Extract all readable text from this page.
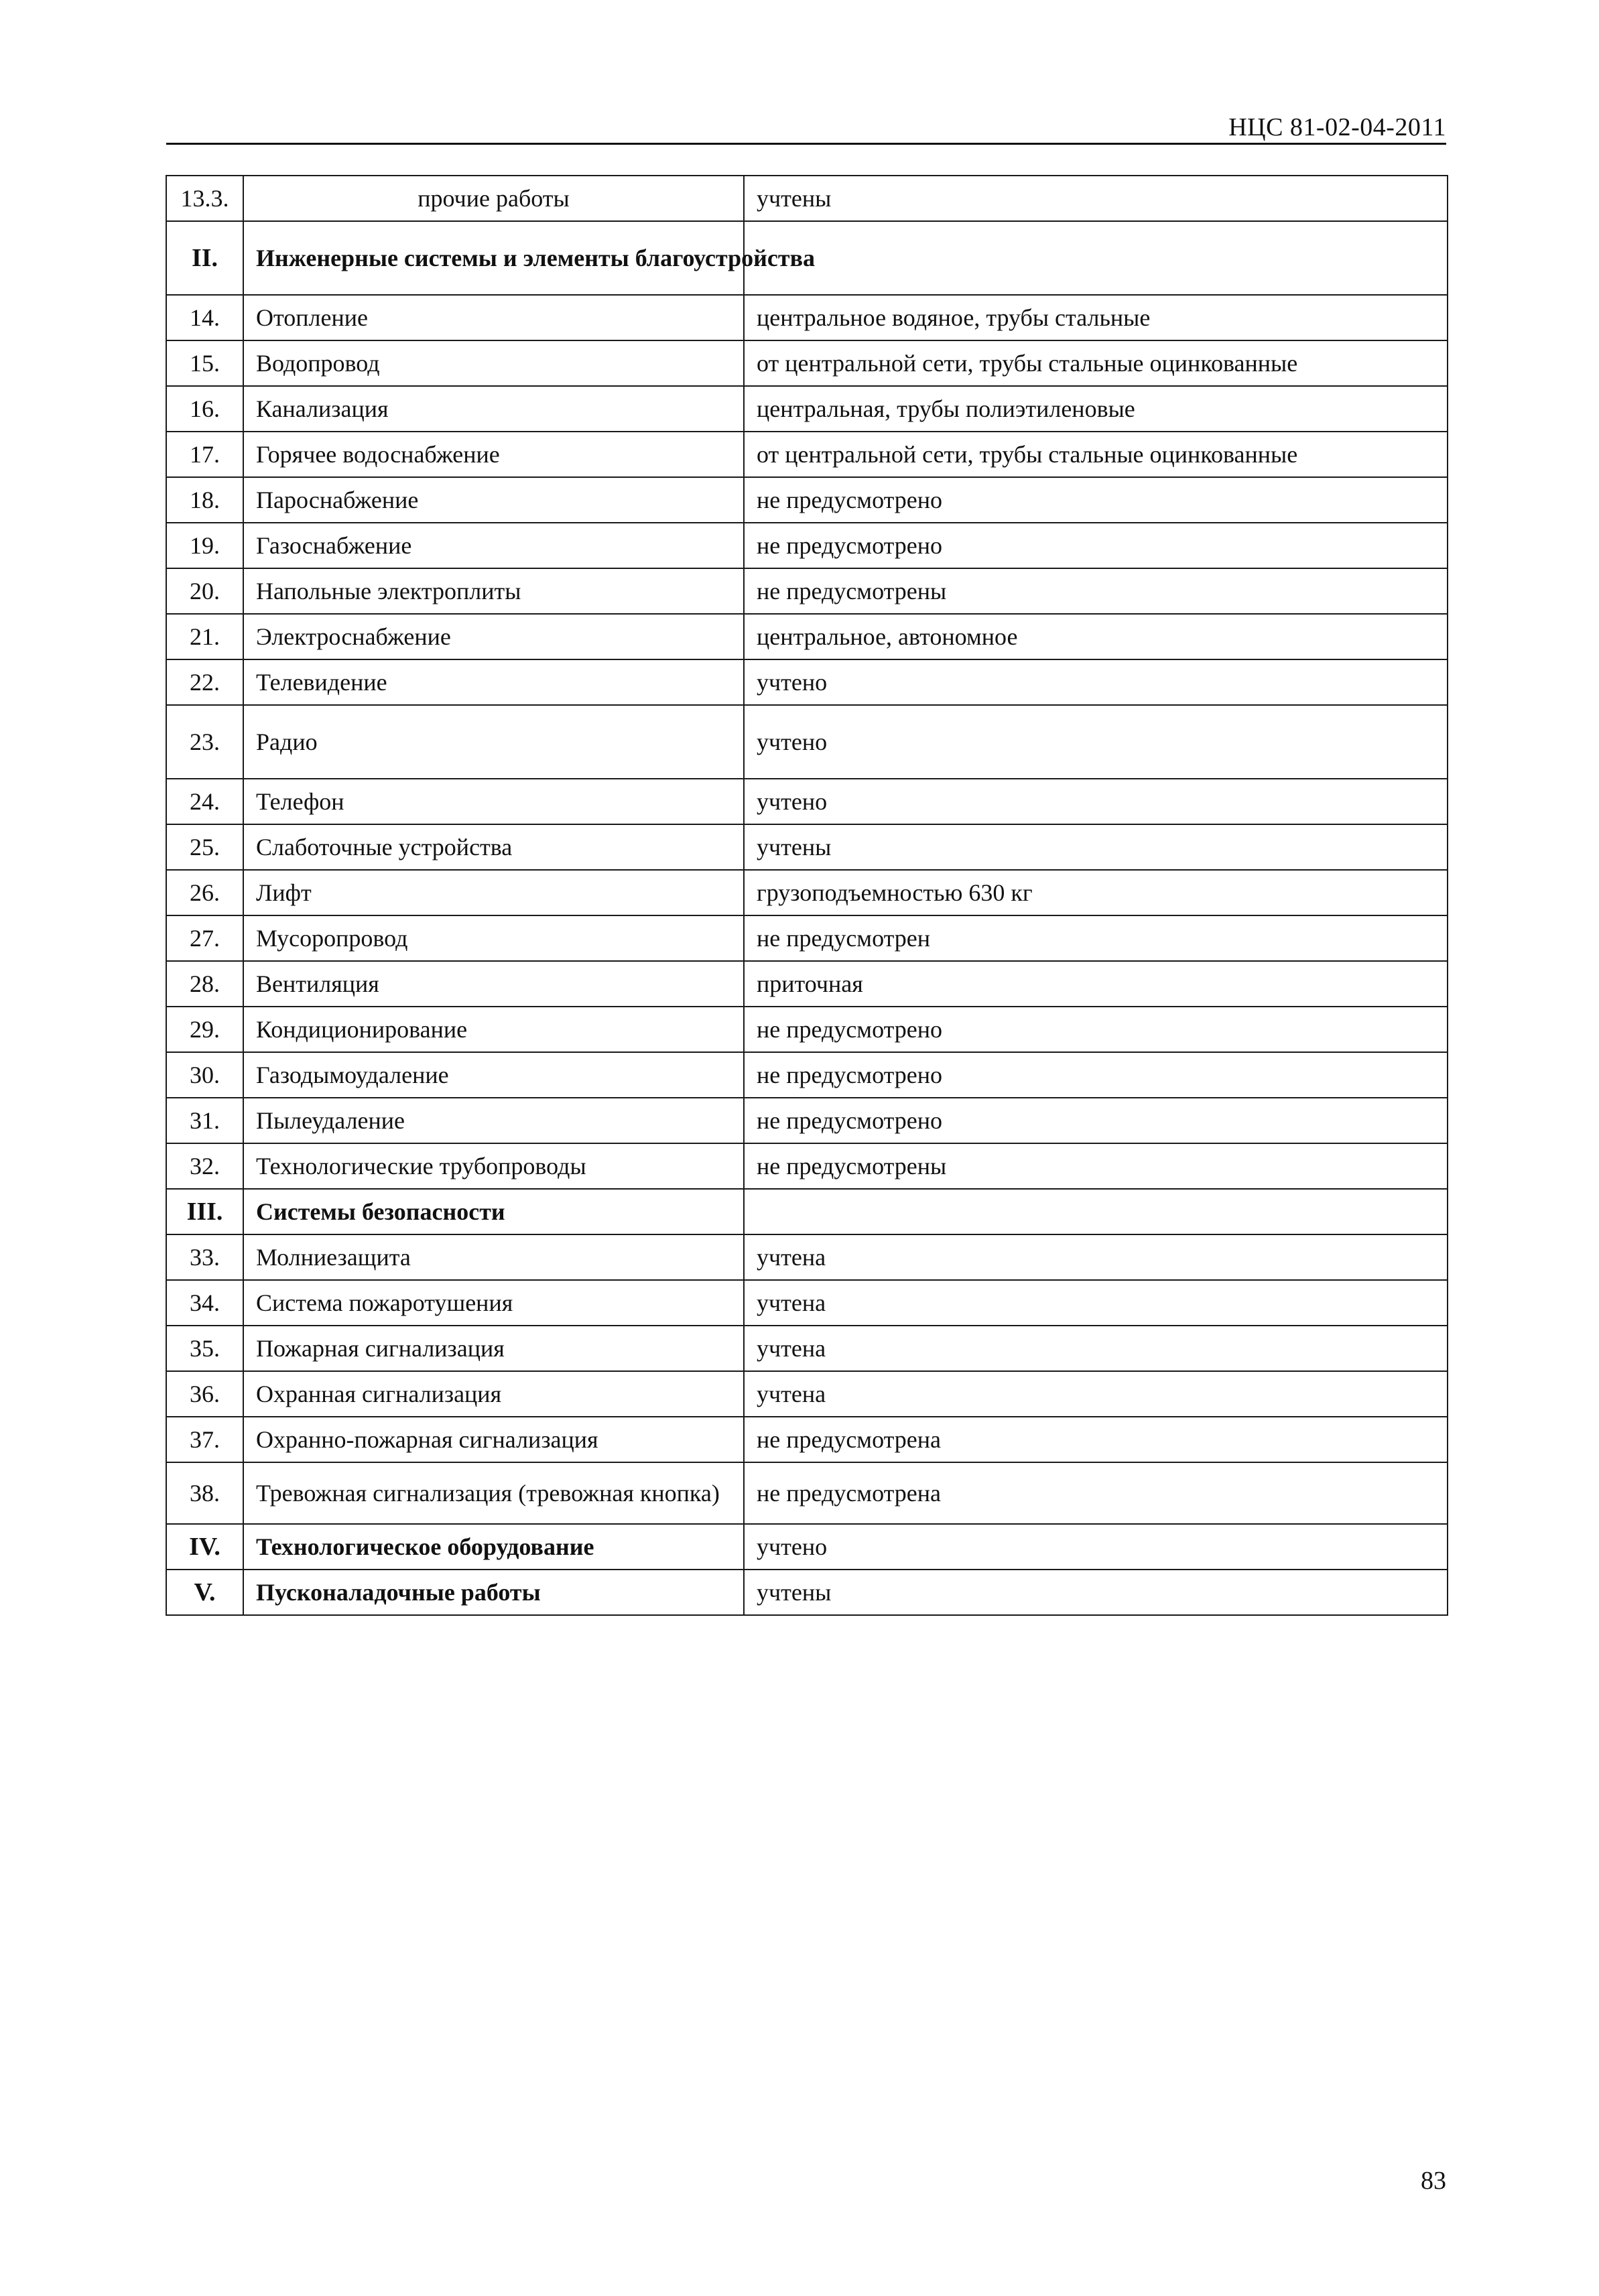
НЦС 81-02-04-2011
13.3.	прочие работы	учтены
II.	Инженерные системы и элементы благоустройства	
14.	Отопление	центральное водяное, трубы стальные
15.	Водопровод	от центральной сети, трубы стальные оцинкованные
16.	Канализация	центральная, трубы полиэтиленовые
17.	Горячее водоснабжение	от центральной сети, трубы стальные оцинкованные
18.	Пароснабжение	не предусмотрено
19.	Газоснабжение	не предусмотрено
20.	Напольные электроплиты	не предусмотрены
21.	Электроснабжение	центральное, автономное
22.	Телевидение	учтено
23.	Радио	учтено
24.	Телефон	учтено
25.	Слаботочные устройства	учтены
26.	Лифт	грузоподъемностью 630 кг
27.	Мусоропровод	не предусмотрен
28.	Вентиляция	приточная
29.	Кондиционирование	не предусмотрено
30.	Газодымоудаление	не предусмотрено
31.	Пылеудаление	не предусмотрено
32.	Технологические трубопроводы	не предусмотрены
III.	Системы безопасности	
33.	Молниезащита	учтена
34.	Система пожаротушения	учтена
35.	Пожарная сигнализация	учтена
36.	Охранная сигнализация	учтена
37.	Охранно-пожарная сигнализация	не предусмотрена
38.	Тревожная сигнализация (тревожная кнопка)	не предусмотрена
IV.	Технологическое оборудование	учтено
V.	Пусконаладочные работы	учтены
83
